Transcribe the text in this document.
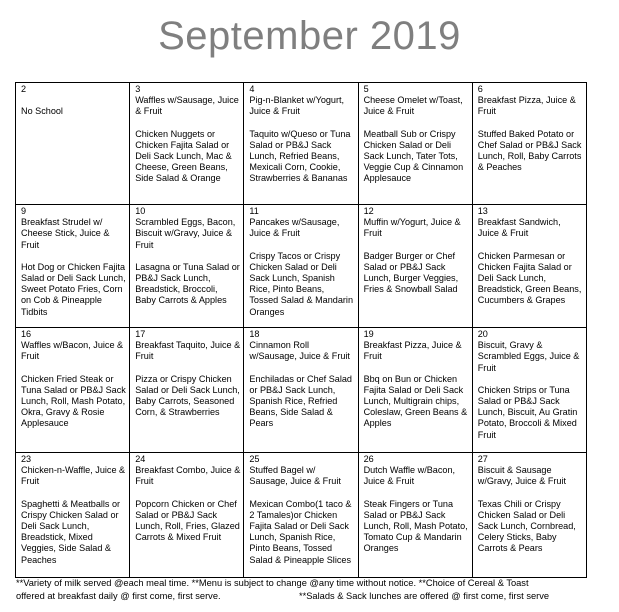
September 2019
2
No School	3
Waffles w/Sausage, Juice & Fruit
Chicken Nuggets or Chicken Fajita Salad or Deli Sack Lunch, Mac & Cheese, Green Beans, Side Salad & Orange	4
Pig-n-Blanket w/Yogurt, Juice & Fruit
Taquito w/Queso or Tuna Salad or PB&J Sack Lunch, Refried Beans, Mexicali Corn, Cookie, Strawberries & Bananas	5
Cheese Omelet w/Toast, Juice & Fruit
Meatball Sub or Crispy Chicken Salad or Deli Sack Lunch, Tater Tots, Veggie Cup & Cinnamon Applesauce	6
Breakfast Pizza, Juice & Fruit
Stuffed Baked Potato or Chef Salad or PB&J Sack Lunch, Roll, Baby Carrots & Peaches

9
Breakfast Strudel w/ Cheese Stick, Juice & Fruit
Hot Dog or Chicken Fajita Salad or Deli Sack Lunch, Sweet Potato Fries, Corn on Cob & Pineapple Tidbits	10
Scrambled Eggs, Bacon, Biscuit w/Gravy, Juice & Fruit
Lasagna or Tuna Salad or PB&J Sack Lunch, Breadstick, Broccoli, Baby Carrots & Apples	11
Pancakes w/Sausage, Juice & Fruit
Crispy Tacos or Crispy Chicken Salad or Deli Sack Lunch, Spanish Rice, Pinto Beans, Tossed Salad & Mandarin Oranges	12
Muffin w/Yogurt, Juice & Fruit
Badger Burger or Chef Salad or PB&J Sack Lunch, Burger Veggies, Fries & Snowball Salad	13
Breakfast Sandwich, Juice & Fruit
Chicken Parmesan or Chicken Fajita Salad or Deli Sack Lunch, Breadstick, Green Beans, Cucumbers & Grapes

16
Waffles w/Bacon, Juice & Fruit
Chicken Fried Steak or Tuna Salad or PB&J Sack Lunch, Roll, Mash Potato, Okra, Gravy & Rosie Applesauce	17
Breakfast Taquito, Juice & Fruit
Pizza or Crispy Chicken Salad or Deli Sack Lunch, Baby Carrots, Seasoned Corn, & Strawberries	18
Cinnamon Roll w/Sausage, Juice & Fruit
Enchiladas or Chef Salad or PB&J Sack Lunch, Spanish Rice, Refried Beans, Side Salad & Pears	19
Breakfast Pizza, Juice & Fruit
Bbq on Bun or Chicken Fajita Salad or Deli Sack Lunch, Multigrain chips, Coleslaw, Green Beans & Apples	20
Biscuit, Gravy & Scrambled Eggs, Juice & Fruit
Chicken Strips or Tuna Salad or PB&J Sack Lunch, Biscuit, Au Gratin Potato, Broccoli & Mixed Fruit

23
Chicken-n-Waffle, Juice & Fruit
Spaghetti & Meatballs or Crispy Chicken Salad or Deli Sack Lunch, Breadstick, Mixed Veggies, Side Salad & Peaches	24
Breakfast Combo, Juice & Fruit
Popcorn Chicken or Chef Salad or PB&J Sack Lunch, Roll, Fries, Glazed Carrots & Mixed Fruit	25
Stuffed Bagel w/ Sausage, Juice & Fruit
Mexican Combo(1 taco & 2 Tamales)or Chicken Fajita Salad or Deli Sack Lunch, Spanish Rice, Pinto Beans, Tossed Salad & Pineapple Slices	26
Dutch Waffle w/Bacon, Juice & Fruit
Steak Fingers or Tuna Salad or PB&J Sack Lunch, Roll, Mash Potato, Tomato Cup & Mandarin Oranges	27
Biscuit & Sausage w/Gravy, Juice & Fruit
Texas Chili or Crispy Chicken Salad or Deli Sack Lunch, Cornbread, Celery Sticks, Baby Carrots & Pears
**Variety of milk served @each meal time. **Menu is subject to change @any time without notice. **Choice of Cereal & Toast
offered at breakfast daily @ first come, first serve.	**Salads & Sack lunches are offered @ first come, first serve
